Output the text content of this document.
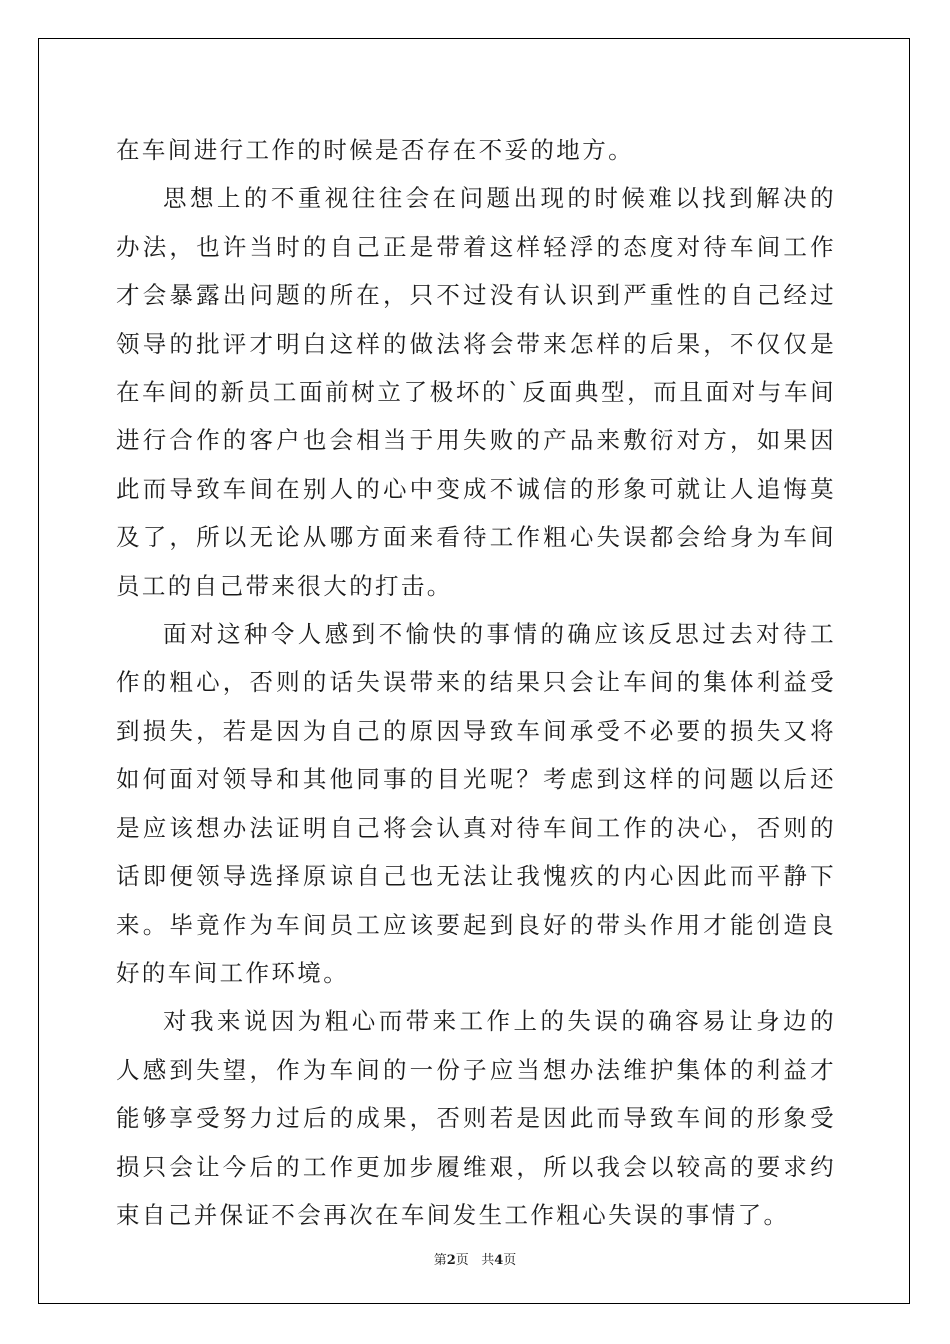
在车间进行工作的时候是否存在不妥的地方。

思想上的不重视往往会在问题出现的时候难以找到解决的办法，也许当时的自己正是带着这样轻浮的态度对待车间工作才会暴露出问题的所在，只不过没有认识到严重性的自己经过领导的批评才明白这样的做法将会带来怎样的后果，不仅仅是在车间的新员工面前树立了极坏的`反面典型，而且面对与车间进行合作的客户也会相当于用失败的产品来敷衍对方，如果因此而导致车间在别人的心中变成不诚信的形象可就让人追悔莫及了，所以无论从哪方面来看待工作粗心失误都会给身为车间员工的自己带来很大的打击。

面对这种令人感到不愉快的事情的确应该反思过去对待工作的粗心，否则的话失误带来的结果只会让车间的集体利益受到损失，若是因为自己的原因导致车间承受不必要的损失又将如何面对领导和其他同事的目光呢？考虑到这样的问题以后还是应该想办法证明自己将会认真对待车间工作的决心，否则的话即便领导选择原谅自己也无法让我愧疚的内心因此而平静下来。毕竟作为车间员工应该要起到良好的带头作用才能创造良好的车间工作环境。

对我来说因为粗心而带来工作上的失误的确容易让身边的人感到失望，作为车间的一份子应当想办法维护集体的利益才能够享受努力过后的成果，否则若是因此而导致车间的形象受损只会让今后的工作更加步履维艰，所以我会以较高的要求约束自己并保证不会再次在车间发生工作粗心失误的事情了。

第2页 共4页
